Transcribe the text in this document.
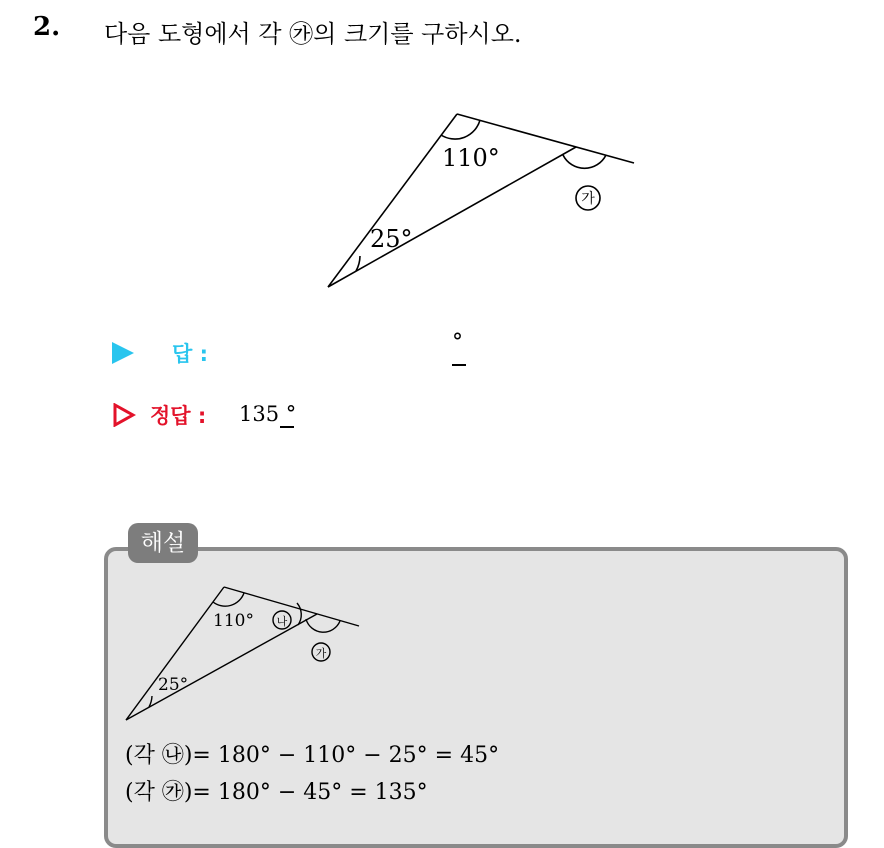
2. 다음 도형에서 각 ㉮의 크기를 구하시오.
110°
25°
가
답 :	°
정답 : 135 °
해설
110°
25°
나
가
(각 ㉯)= 180° − 110° − 25° = 45°
(각 ㉮)= 180° − 45° = 135°
